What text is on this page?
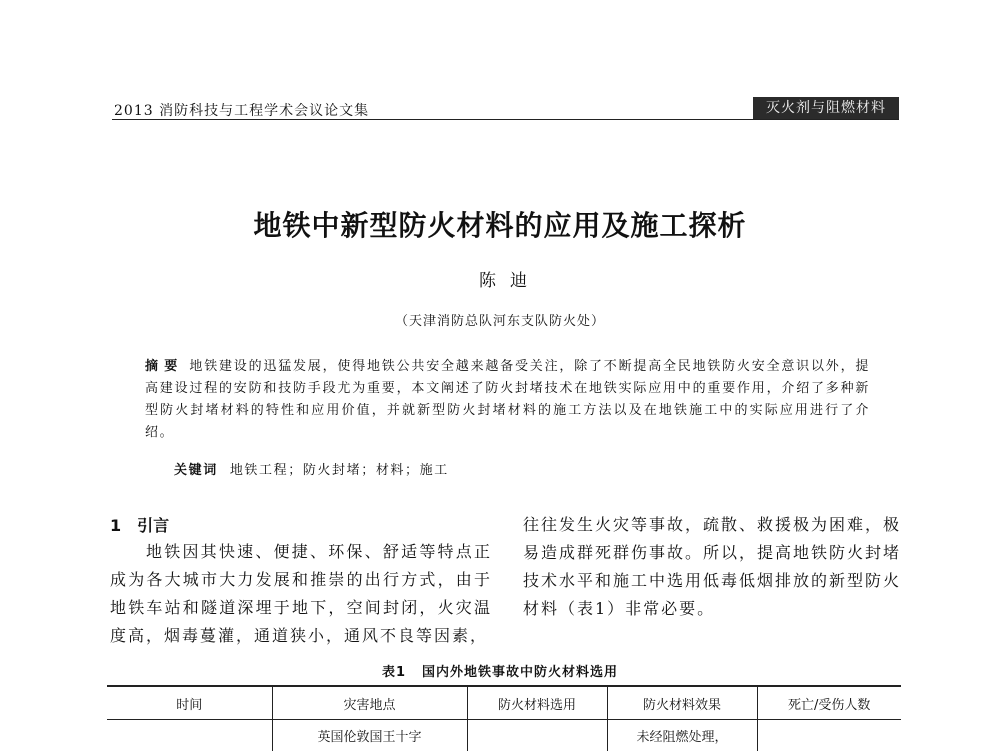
2013 消防科技与工程学术会议论文集	灭火剂与阻燃材料
地铁中新型防火材料的应用及施工探析
陈迪
（天津消防总队河东支队防火处）
摘要 地铁建设的迅猛发展，使得地铁公共安全越来越备受关注，除了不断提高全民地铁防火安全意识以外，提高建设过程的安防和技防手段尤为重要，本文阐述了防火封堵技术在地铁实际应用中的重要作用，介绍了多种新型防火封堵材料的特性和应用价值，并就新型防火封堵材料的施工方法以及在地铁施工中的实际应用进行了介绍。
关键词 地铁工程；防火封堵；材料；施工
1 引言
地铁因其快速、便捷、环保、舒适等特点正成为各大城市大力发展和推崇的出行方式，由于地铁车站和隧道深埋于地下，空间封闭，火灾温度高，烟毒蔓灌，通道狭小，通风不良等因素，
往往发生火灾等事故，疏散、救援极为困难，极易造成群死群伤事故。所以，提高地铁防火封堵技术水平和施工中选用低毒低烟排放的新型防火材料（表1）非常必要。
表1 国内外地铁事故中防火材料选用
时间	灾害地点	防火材料选用	防火材料效果	死亡/受伤人数
	英国伦敦国王十字		未经阻燃处理，	
